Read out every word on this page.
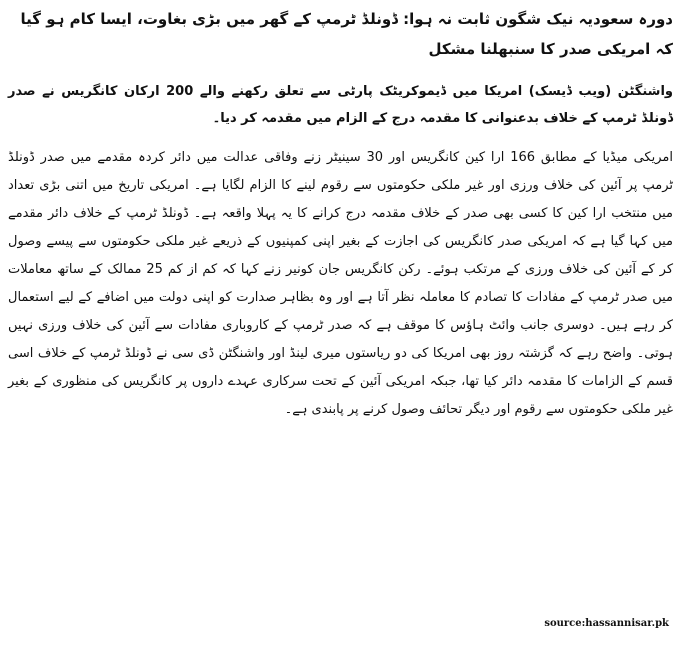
دورہ سعودیہ نیک شگون ثابت نہ ہوا: ڈونلڈ ٹرمپ کے گھر میں بڑی بغاوت، ایسا کام ہو گیا کہ امریکی صدر کا سنبھلنا مشکل

واشنگٹن (ویب ڈیسک) امریکا میں ڈیموکریٹک پارٹی سے تعلق رکھنے والے 200 ارکان کانگریس نے صدر ڈونلڈ ٹرمپ کے خلاف بدعنوانی کا مقدمہ درج کے الزام میں مقدمہ کر دیا۔

امریکی میڈیا کے مطابق 166 ارا کین کانگریس اور 30 سینیٹر زنے وفاقی عدالت میں دائر کردہ مقدمے میں صدر ڈونلڈ ٹرمپ پر آئین کی خلاف ورزی اور غیر ملکی حکومتوں سے رقوم لینے کا الزام لگایا ہے۔ امریکی تاریخ میں اتنی بڑی تعداد میں منتخب ارا کین کا کسی بھی صدر کے خلاف مقدمہ درج کرانے کا یہ پہلا واقعہ ہے۔ ڈونلڈ ٹرمپ کے خلاف دائر مقدمے میں کہا گیا ہے کہ امریکی صدر کانگریس کی اجازت کے بغیر اپنی کمپنیوں کے ذریعے غیر ملکی حکومتوں سے پیسے وصول کر کے آئین کی خلاف ورزی کے مرتکب ہوئے۔ رکن کانگریس جان کونیر زنے کہا کہ کم از کم 25 ممالک کے ساتھ معاملات میں صدر ٹرمپ کے مفادات کا تصادم کا معاملہ نظر آتا ہے اور وہ بظاہر صدارت کو اپنی دولت میں اضافے کے لیے استعمال کر رہے ہیں۔ دوسری جانب وائٹ ہاؤس کا موقف ہے کہ صدر ٹرمپ کے کاروباری مفادات سے آئین کی خلاف ورزی نہیں ہوتی۔ واضح رہے کہ گزشتہ روز بھی امریکا کی دو ریاستوں میری لینڈ اور واشنگٹن ڈی سی نے ڈونلڈ ٹرمپ کے خلاف اسی قسم کے الزامات کا مقدمہ دائر کیا تھا، جبکہ امریکی آئین کے تحت سرکاری عہدے داروں پر کانگریس کی منظوری کے بغیر غیر ملکی حکومتوں سے رقوم اور دیگر تحائف وصول کرنے پر پابندی ہے۔

source:hassannisar.pk
